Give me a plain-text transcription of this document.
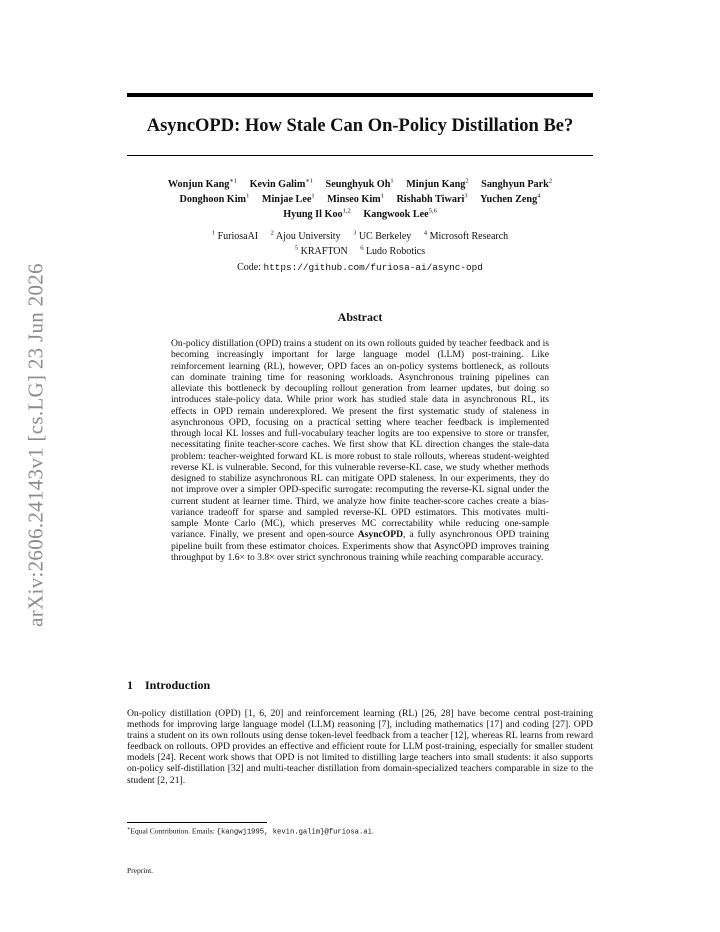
arXiv:2606.24143v1 [cs.LG] 23 Jun 2026
AsyncOPD: How Stale Can On-Policy Distillation Be?
Wonjun Kang$^{∗1}$ Kevin Galim$^{∗1}$ Seunghyuk Oh$^1$ Minjun Kang$^2$ Sanghyun Park$^2$
Donghoon Kim$^1$ Minjae Lee$^1$ Minseo Kim$^1$ Rishabh Tiwari$^3$ Yuchen Zeng$^4$
Hyung Il Koo$^{1,2}$ Kangwook Lee$^{5,6}$
$^1$ FuriosaAI $^2$ Ajou University $^3$ UC Berkeley $^4$ Microsoft Research
$^5$ KRAFTON $^6$ Ludo Robotics
Code: https://github.com/furiosa-ai/async-opd
Abstract

On-policy distillation (OPD) trains a student on its own rollouts guided by teacher feedback and is becoming increasingly important for large language model (LLM) post-training. Like reinforcement learning (RL), however, OPD faces an on-policy systems bottleneck, as rollouts can dominate training time for reasoning workloads. Asynchronous training pipelines can alleviate this bottleneck by decoupling rollout generation from learner updates, but doing so introduces stale-policy data. While prior work has studied stale data in asynchronous RL, its effects in OPD remain underexplored. We present the first systematic study of staleness in asynchronous OPD, focusing on a practical setting where teacher feedback is implemented through local KL losses and full-vocabulary teacher logits are too expensive to store or transfer, necessitating finite teacher-score caches. We first show that KL direction changes the stale-data problem: teacher-weighted forward KL is more robust to stale rollouts, whereas student-weighted reverse KL is vulnerable. Second, for this vulnerable reverse-KL case, we study whether methods designed to stabilize asynchronous RL can mitigate OPD staleness. In our experiments, they do not improve over a simpler OPD-specific surrogate: recomputing the reverse-KL signal under the current student at learner time. Third, we analyze how finite teacher-score caches create a bias-variance tradeoff for sparse and sampled reverse-KL OPD estimators. This motivates multi-sample Monte Carlo (MC), which preserves MC correctability while reducing one-sample variance. Finally, we present and open-source AsyncOPD, a fully asynchronous OPD training pipeline built from these estimator choices. Experiments show that AsyncOPD improves training throughput by 1.6× to 3.8× over strict synchronous training while reaching comparable accuracy.

1 Introduction

On-policy distillation (OPD) [1, 6, 20] and reinforcement learning (RL) [26, 28] have become central post-training methods for improving large language model (LLM) reasoning [7], including mathematics [17] and coding [27]. OPD trains a student on its own rollouts using dense token-level feedback from a teacher [12], whereas RL learns from reward feedback on rollouts. OPD provides an effective and efficient route for LLM post-training, especially for smaller student models [24]. Recent work shows that OPD is not limited to distilling large teachers into small students: it also supports on-policy self-distillation [32] and multi-teacher distillation from domain-specialized teachers comparable in size to the student [2, 21].

∗Equal Contribution. Emails: {kangwj1995, kevin.galim}@furiosa.ai.
Preprint.
